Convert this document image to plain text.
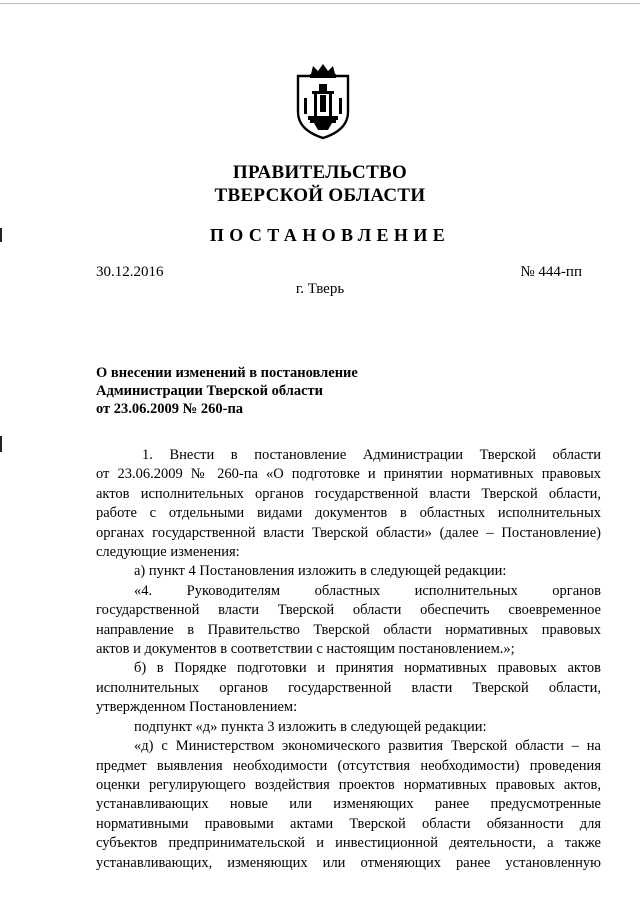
ПРАВИТЕЛЬСТВО
ТВЕРСКОЙ ОБЛАСТИ
ПОСТАНОВЛЕНИЕ
30.12.2016	№ 444-пп
г. Тверь
О внесении изменений в постановление
Администрации Тверской области
от 23.06.2009 № 260-па
1. Внести в постановление Администрации Тверской области
от 23.06.2009 № 260-па «О подготовке и принятии нормативных правовых
актов исполнительных органов государственной власти Тверской области,
работе с отдельными видами документов в областных исполнительных
органах государственной власти Тверской области» (далее – Постановление)
следующие изменения:
а) пункт 4 Постановления изложить в следующей редакции:
«4. Руководителям областных исполнительных органов
государственной власти Тверской области обеспечить своевременное
направление в Правительство Тверской области нормативных правовых
актов и документов в соответствии с настоящим постановлением.»;
б) в Порядке подготовки и принятия нормативных правовых актов
исполнительных органов государственной власти Тверской области,
утвержденном Постановлением:
подпункт «д» пункта 3 изложить в следующей редакции:
«д) с Министерством экономического развития Тверской области – на
предмет выявления необходимости (отсутствия необходимости) проведения
оценки регулирующего воздействия проектов нормативных правовых актов,
устанавливающих новые или изменяющих ранее предусмотренные
нормативными правовыми актами Тверской области обязанности для
субъектов предпринимательской и инвестиционной деятельности, а также
устанавливающих, изменяющих или отменяющих ранее установленную
